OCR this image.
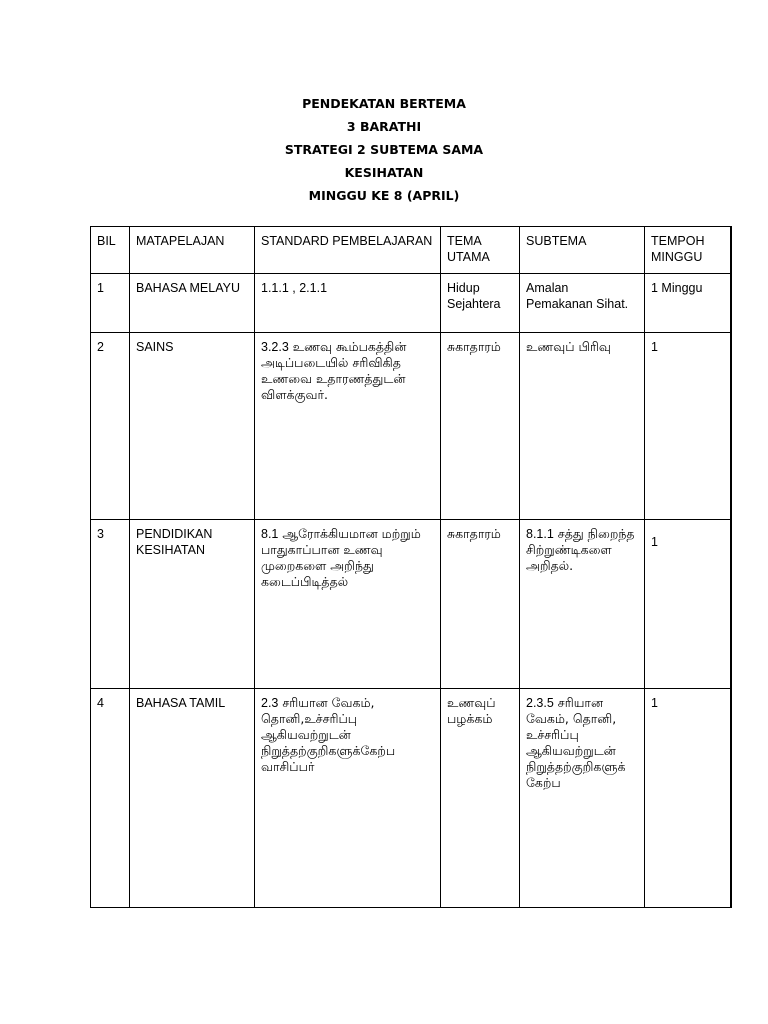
PENDEKATAN BERTEMA
3 BARATHI
STRATEGI 2 SUBTEMA SAMA
KESIHATAN
MINGGU KE 8 (APRIL)
BIL	MATAPELAJAN	STANDARD PEMBELAJARAN	TEMA UTAMA	SUBTEMA	TEMPOH MINGGU
1	BAHASA MELAYU	1.1.1 , 2.1.1	Hidup Sejahtera	Amalan Pemakanan Sihat.	1 Minggu
2	SAINS	3.2.3 உணவு கூம்பகத்தின் அடிப்படையில் சரிவிகித உணவை உதாரணத்துடன் விளக்குவர்.	சுகாதாரம்	உணவுப் பிரிவு	1
3	PENDIDIKAN KESIHATAN	8.1 ஆரோக்கியமான மற்றும் பாதுகாப்பான உணவு முறைகளை அறிந்து கடைப்பிடித்தல்	சுகாதாரம்	8.1.1 சத்து நிறைந்த சிற்றுண்டிகளை அறிதல்.	1
4	BAHASA TAMIL	2.3 சரியான வேகம், தொனி,உச்சரிப்பு ஆகியவற்றுடன் நிறுத்தற்குறிகளுக்கேற்ப வாசிப்பர்	உணவுப் பழக்கம்	2.3.5 சரியான வேகம், தொனி, உச்சரிப்பு ஆகியவற்றுடன் நிறுத்தற்குறிகளுக்கேற்ப	1
